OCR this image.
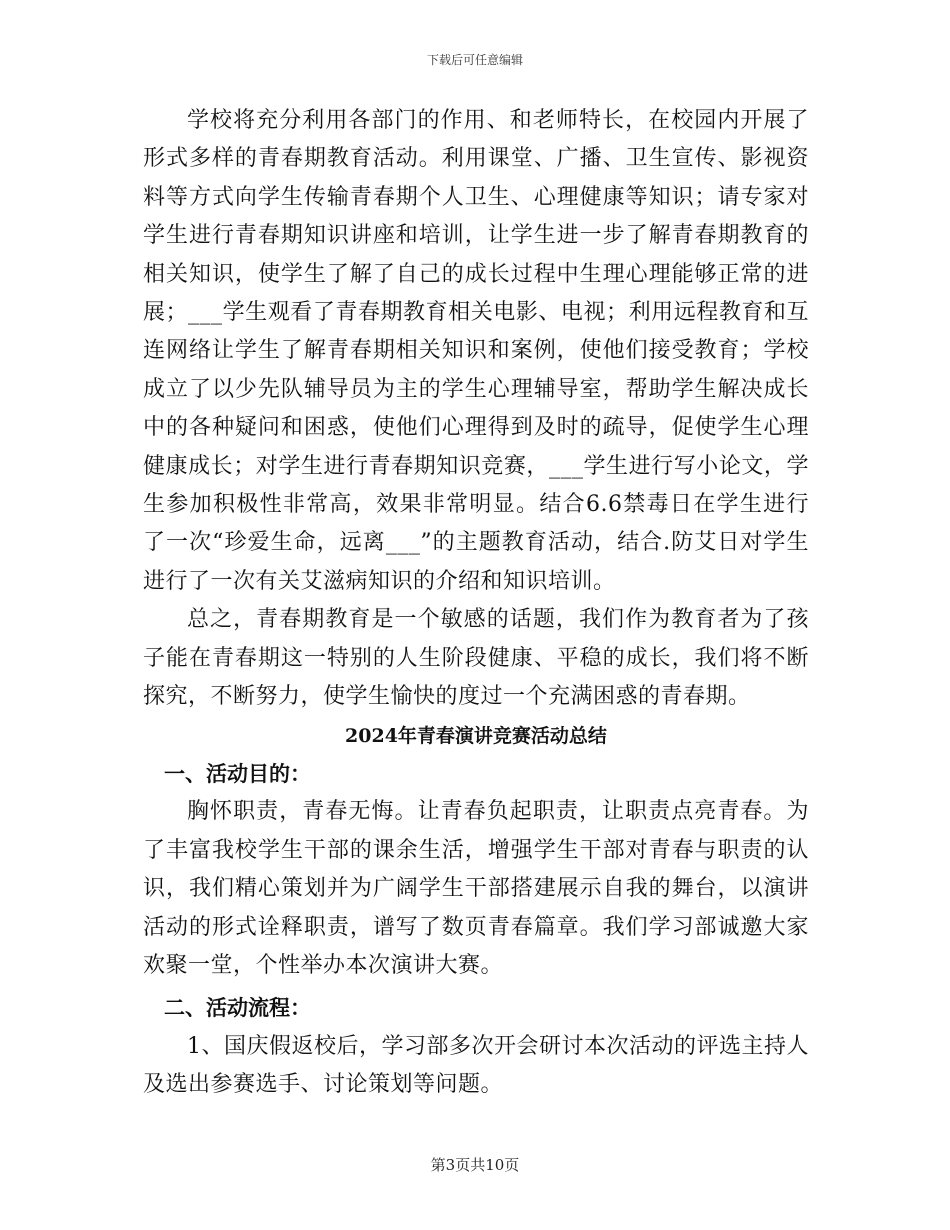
下载后可任意编辑

学校将充分利用各部门的作用、和老师特长，在校园内开展了形式多样的青春期教育活动。利用课堂、广播、卫生宣传、影视资料等方式向学生传输青春期个人卫生、心理健康等知识；请专家对学生进行青春期知识讲座和培训，让学生进一步了解青春期教育的相关知识，使学生了解了自己的成长过程中生理心理能够正常的进展；___学生观看了青春期教育相关电影、电视；利用远程教育和互连网络让学生了解青春期相关知识和案例，使他们接受教育；学校成立了以少先队辅导员为主的学生心理辅导室，帮助学生解决成长中的各种疑问和困惑，使他们心理得到及时的疏导，促使学生心理健康成长；对学生进行青春期知识竞赛，___学生进行写小论文，学生参加积极性非常高，效果非常明显。结合6.6禁毒日在学生进行了一次“珍爱生命，远离___”的主题教育活动，结合.防艾日对学生进行了一次有关艾滋病知识的介绍和知识培训。

总之，青春期教育是一个敏感的话题，我们作为教育者为了孩子能在青春期这一特别的人生阶段健康、平稳的成长，我们将不断探究，不断努力，使学生愉快的度过一个充满困惑的青春期。

2024年青春演讲竞赛活动总结

一、活动目的：

胸怀职责，青春无悔。让青春负起职责，让职责点亮青春。为了丰富我校学生干部的课余生活，增强学生干部对青春与职责的认识，我们精心策划并为广阔学生干部搭建展示自我的舞台，以演讲活动的形式诠释职责，谱写了数页青春篇章。我们学习部诚邀大家欢聚一堂，个性举办本次演讲大赛。

二、活动流程：

1、国庆假返校后，学习部多次开会研讨本次活动的评选主持人及选出参赛选手、讨论策划等问题。

第3页共10页
